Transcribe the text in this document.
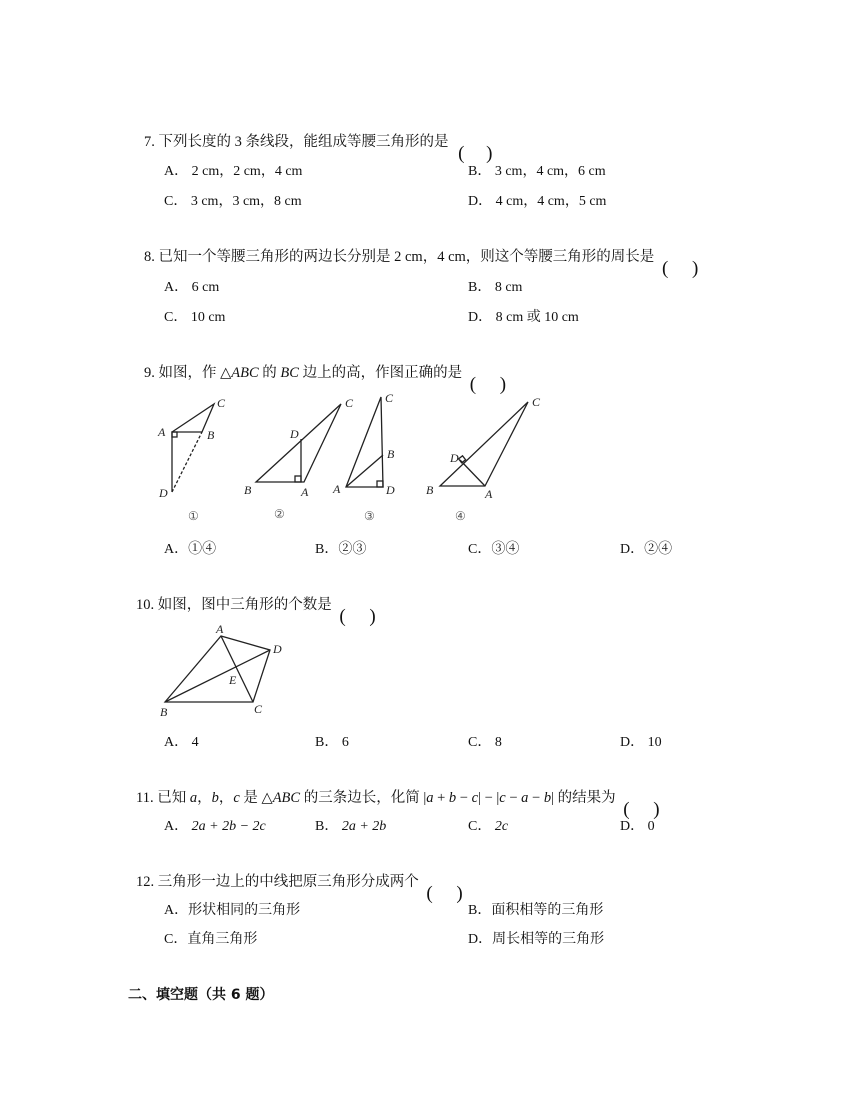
7. 下列长度的 3 条线段，能组成等腰三角形的是
( )
A． 2 cm，2 cm，4 cm	B． 3 cm，4 cm，6 cm
C． 3 cm，3 cm，8 cm	D． 4 cm，4 cm，5 cm
8. 已知一个等腰三角形的两边长分别是 2 cm，4 cm，则这个等腰三角形的周长是
( )
A． 6 cm	B． 8 cm
C． 10 cm	D． 8 cm 或 10 cm
9. 如图，作 △ABC 的 BC 边上的高，作图正确的是
( )
C
A	B
D
①
C
D
B	A
②
C
B
A	D
③
C
D
B	A
④
A．①④	B．②③	C．③④	D．②④
10. 如图，图中三角形的个数是
( )
A
D
E
B	C
A． 4	B． 6	C． 8	D． 10
11. 已知 a，b，c 是 △ABC 的三条边长，化简 |a + b − c| − |c − a − b| 的结果为
( )
A． 2a + 2b − 2c	B． 2a + 2b	C． 2c	D． 0
12. 三角形一边上的中线把原三角形分成两个
( )
A．形状相同的三角形	B．面积相等的三角形
C．直角三角形	D．周长相等的三角形
二、填空题（共 6 题）
